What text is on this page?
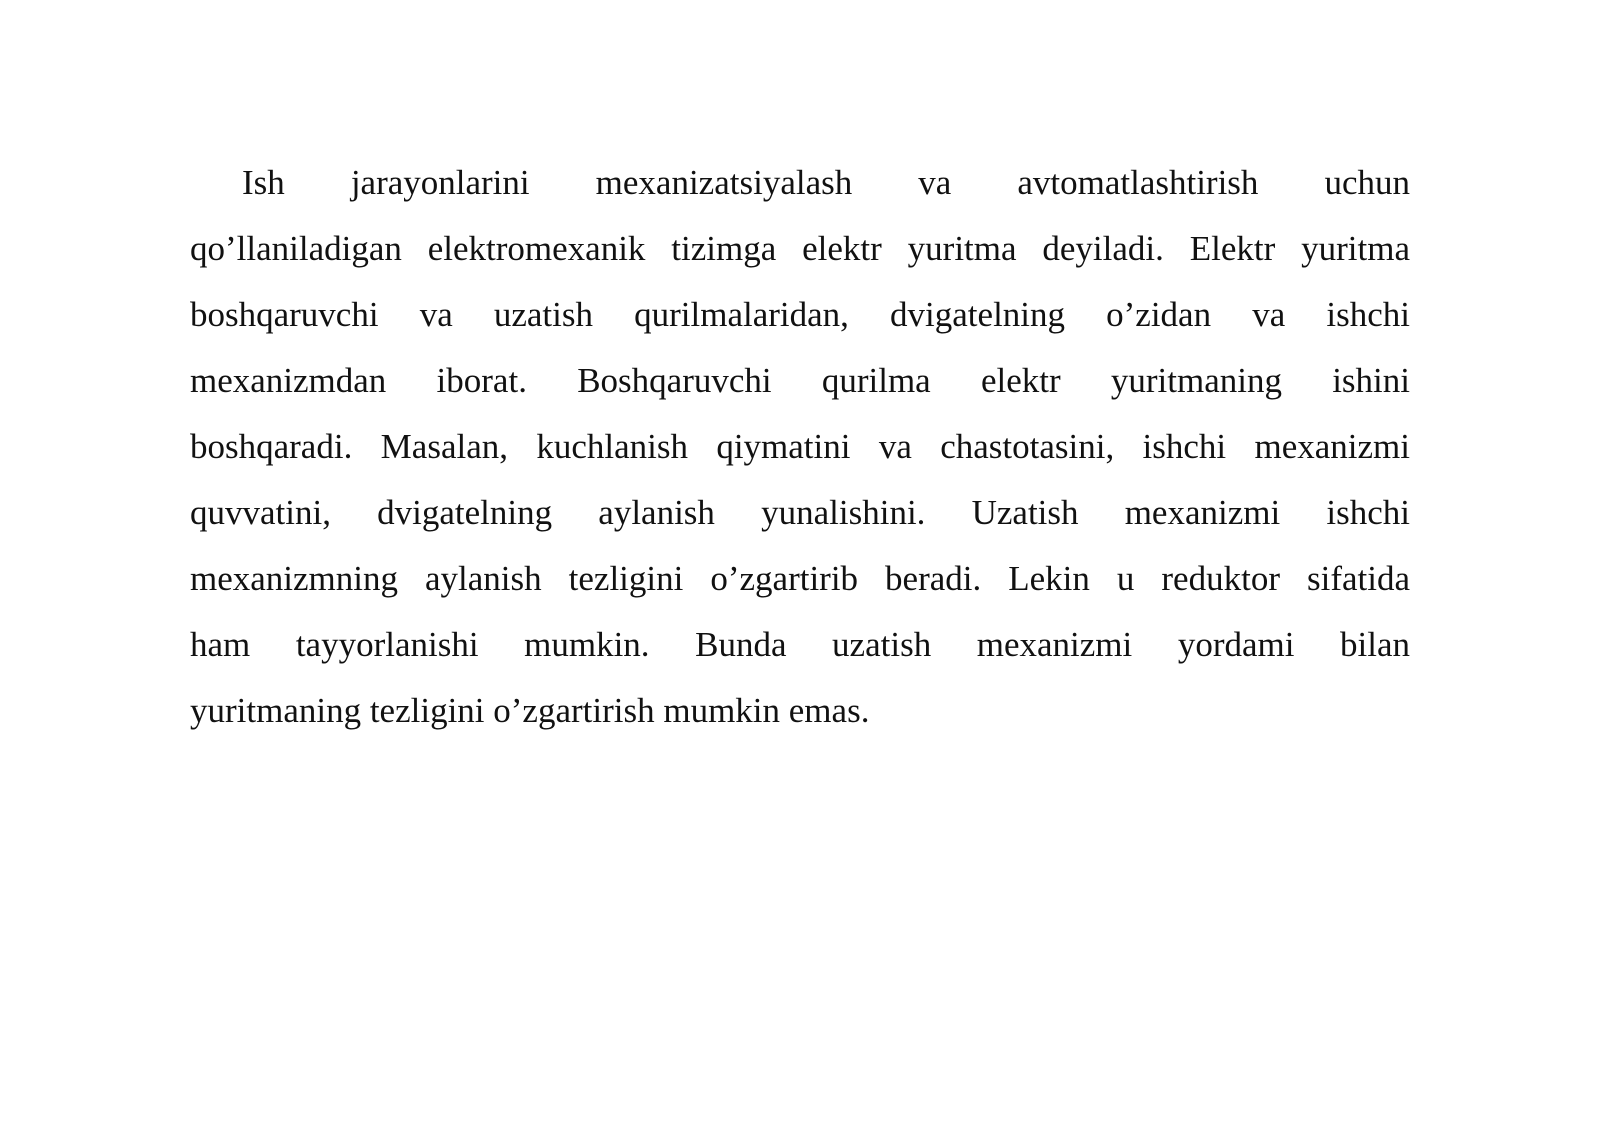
Ish jarayonlarini mexanizatsiyalash va avtomatlashtirish uchun
qo’llaniladigan elektromexanik tizimga elektr yuritma deyiladi. Elektr yuritma
boshqaruvchi va uzatish qurilmalaridan, dvigatelning o’zidan va ishchi
mexanizmdan iborat. Boshqaruvchi qurilma elektr yuritmaning ishini
boshqaradi. Masalan, kuchlanish qiymatini va chastotasini, ishchi mexanizmi
quvvatini, dvigatelning aylanish yunalishini. Uzatish mexanizmi ishchi
mexanizmning aylanish tezligini o’zgartirib beradi. Lekin u reduktor sifatida
ham tayyorlanishi mumkin. Bunda uzatish mexanizmi yordami bilan
yuritmaning tezligini o’zgartirish mumkin emas.
